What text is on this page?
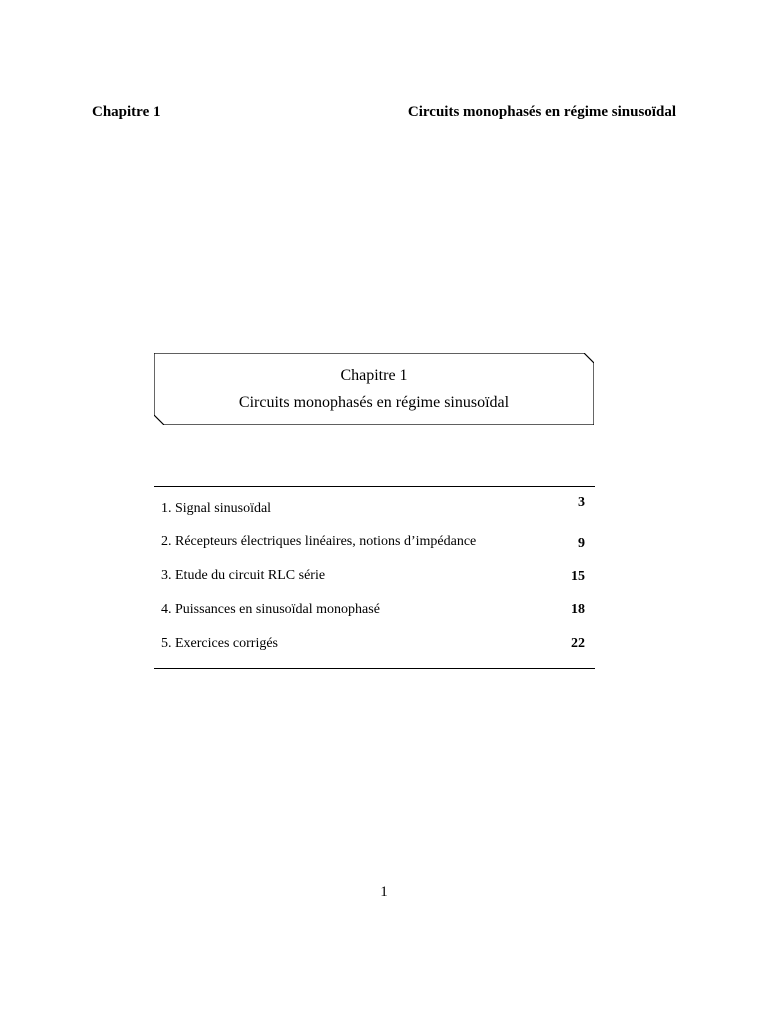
Chapitre 1	Circuits monophasés en régime sinusoïdal
Chapitre 1
Circuits monophasés en régime sinusoïdal
1. Signal sinusoïdal	3
2. Récepteurs électriques linéaires, notions d’impédance	9
3. Etude du circuit RLC série	15
4. Puissances en sinusoïdal monophasé	18
5. Exercices corrigés	22
1
